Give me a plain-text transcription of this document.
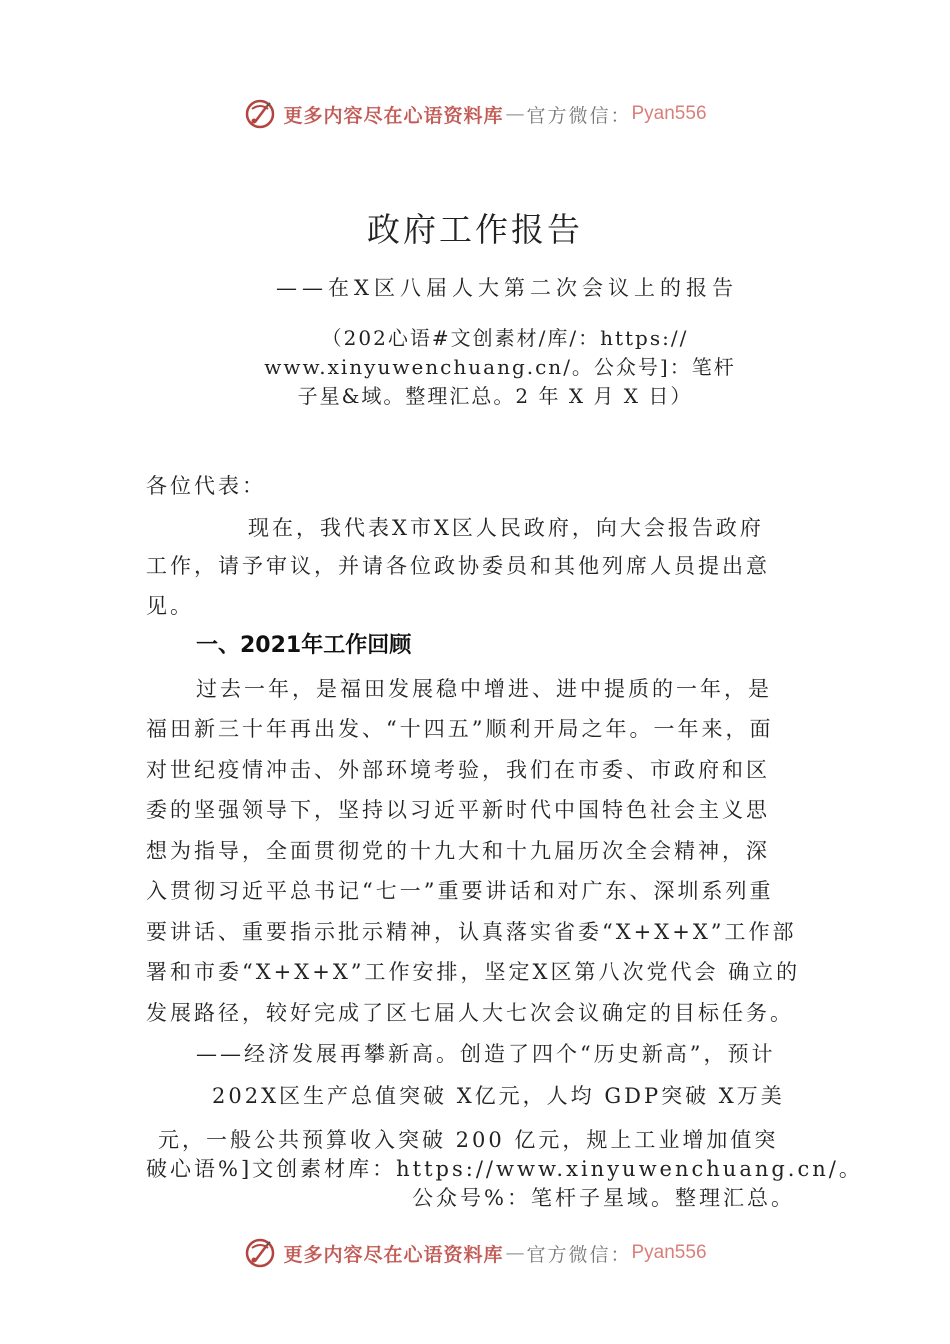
更多内容尽在心语资料库 — 官方微信： Pyan556
政府工作报告
——在X区八届人大第二次会议上的报告
（202心语#文创素材/库/：https://
www.xinyuwenchuang.cn/。公众号]：笔杆
子星&域。整理汇总。2 年 X 月 X 日）
各位代表：
现在，我代表X市X区人民政府，向大会报告政府
工作，请予审议，并请各位政协委员和其他列席人员提出意
见。
一、2021年工作回顾
过去一年，是福田发展稳中增进、进中提质的一年，是
福田新三十年再出发、“十四五”顺利开局之年。一年来，面
对世纪疫情冲击、外部环境考验，我们在市委、市政府和区
委的坚强领导下，坚持以习近平新时代中国特色社会主义思
想为指导，全面贯彻党的十九大和十九届历次全会精神，深
入贯彻习近平总书记“七一”重要讲话和对广东、深圳系列重
要讲话、重要指示批示精神，认真落实省委“X+X+X”工作部
署和市委“X+X+X”工作安排，坚定X区第八次党代会 确立的
发展路径，较好完成了区七届人大七次会议确定的目标任务。
——经济发展再攀新高。创造了四个“历史新高”，预计
202X区生产总值突破 X亿元，人均 GDP突破 X万美
元，一般公共预算收入突破 200 亿元，规上工业增加值突
破心语%]文创素材库：https://www.xinyuwenchuang.cn/。
公众号%：笔杆子星域。整理汇总。
更多内容尽在心语资料库 — 官方微信： Pyan556
